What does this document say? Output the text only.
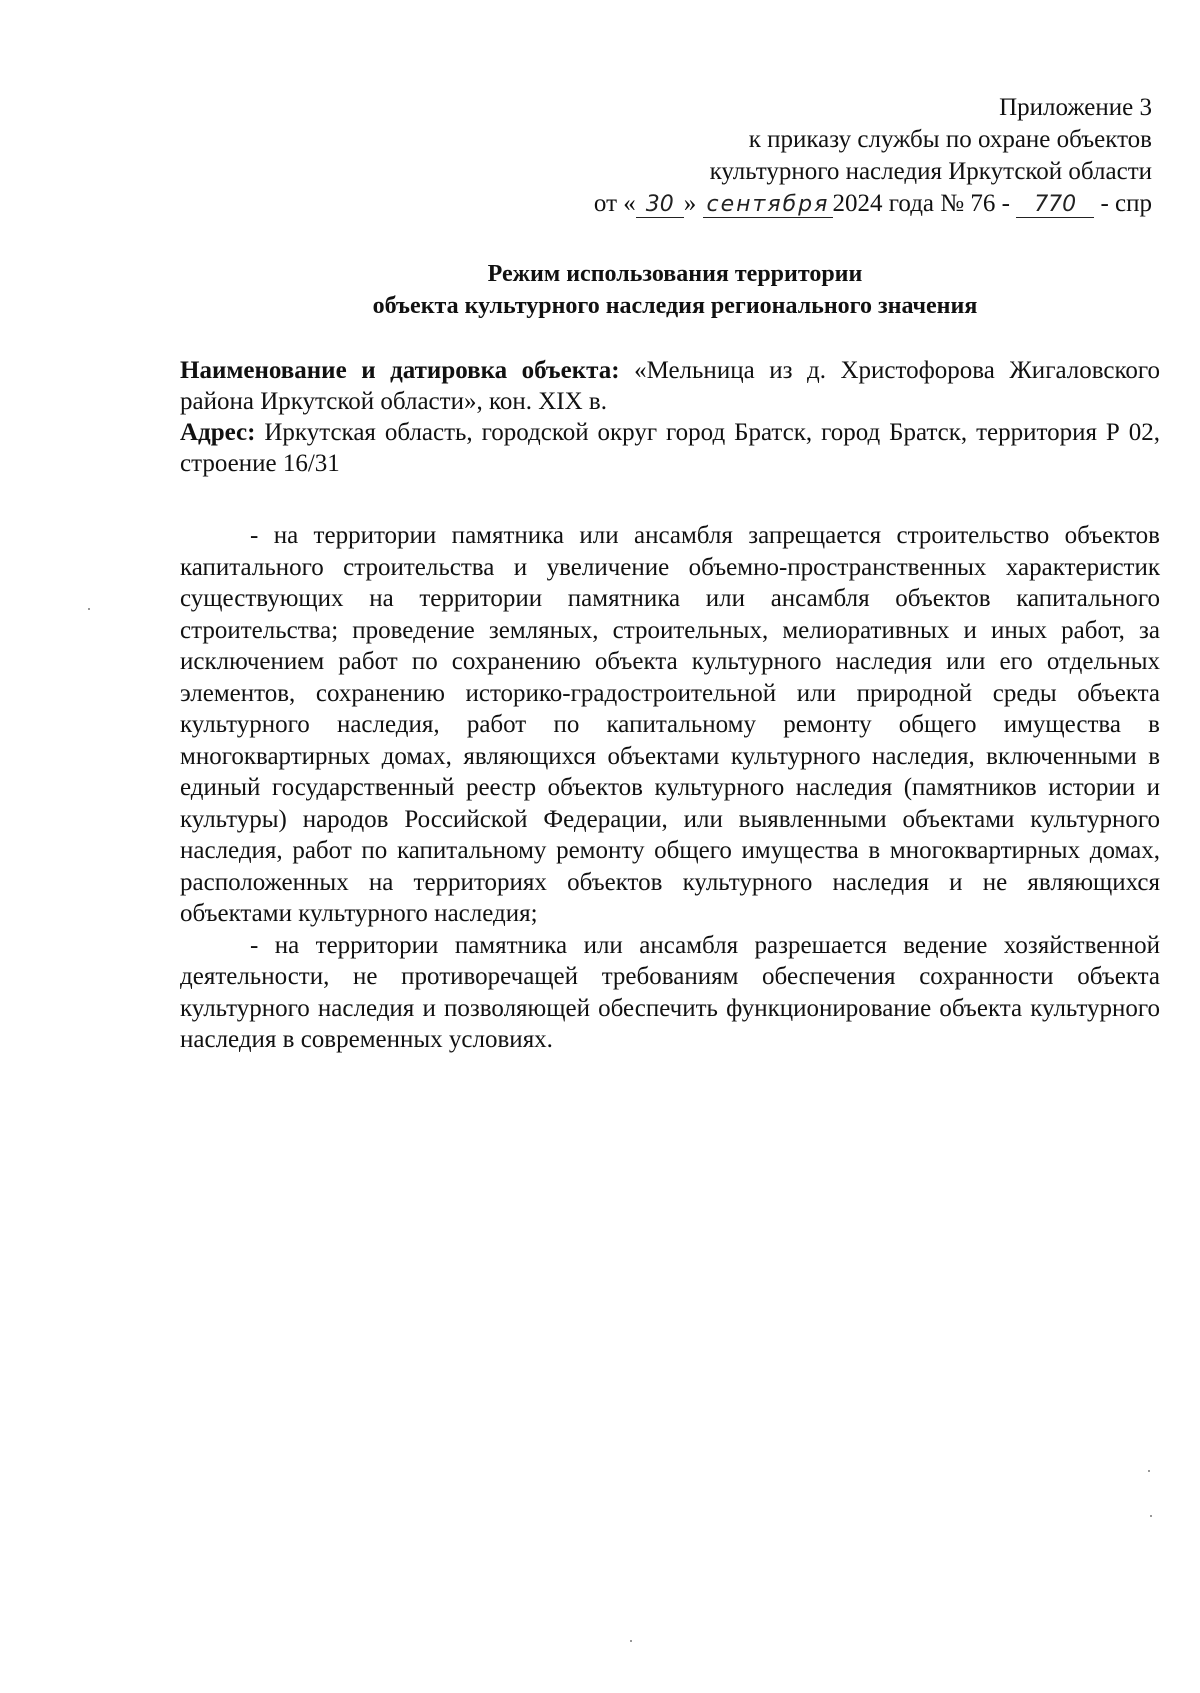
Приложение 3
к приказу службы по охране объектов
культурного наследия Иркутской области
от « 30 » сентября 2024 года № 76 - 770 - спр
Режим использования территории
объекта культурного наследия регионального значения

Наименование и датировка объекта: «Мельница из д. Христофорова Жигаловского района Иркутской области», кон. XIX в.

Адрес: Иркутская область, городской округ город Братск, город Братск, территория Р 02, строение 16/31

- на территории памятника или ансамбля запрещается строительство объектов капитального строительства и увеличение объемно-пространственных характеристик существующих на территории памятника или ансамбля объектов капитального строительства; проведение земляных, строительных, мелиоративных и иных работ, за исключением работ по сохранению объекта культурного наследия или его отдельных элементов, сохранению историко-градостроительной или природной среды объекта культурного наследия, работ по капитальному ремонту общего имущества в многоквартирных домах, являющихся объектами культурного наследия, включенными в единый государственный реестр объектов культурного наследия (памятников истории и культуры) народов Российской Федерации, или выявленными объектами культурного наследия, работ по капитальному ремонту общего имущества в многоквартирных домах, расположенных на территориях объектов культурного наследия и не являющихся объектами культурного наследия;

- на территории памятника или ансамбля разрешается ведение хозяйственной деятельности, не противоречащей требованиям обеспечения сохранности объекта культурного наследия и позволяющей обеспечить функционирование объекта культурного наследия в современных условиях.
